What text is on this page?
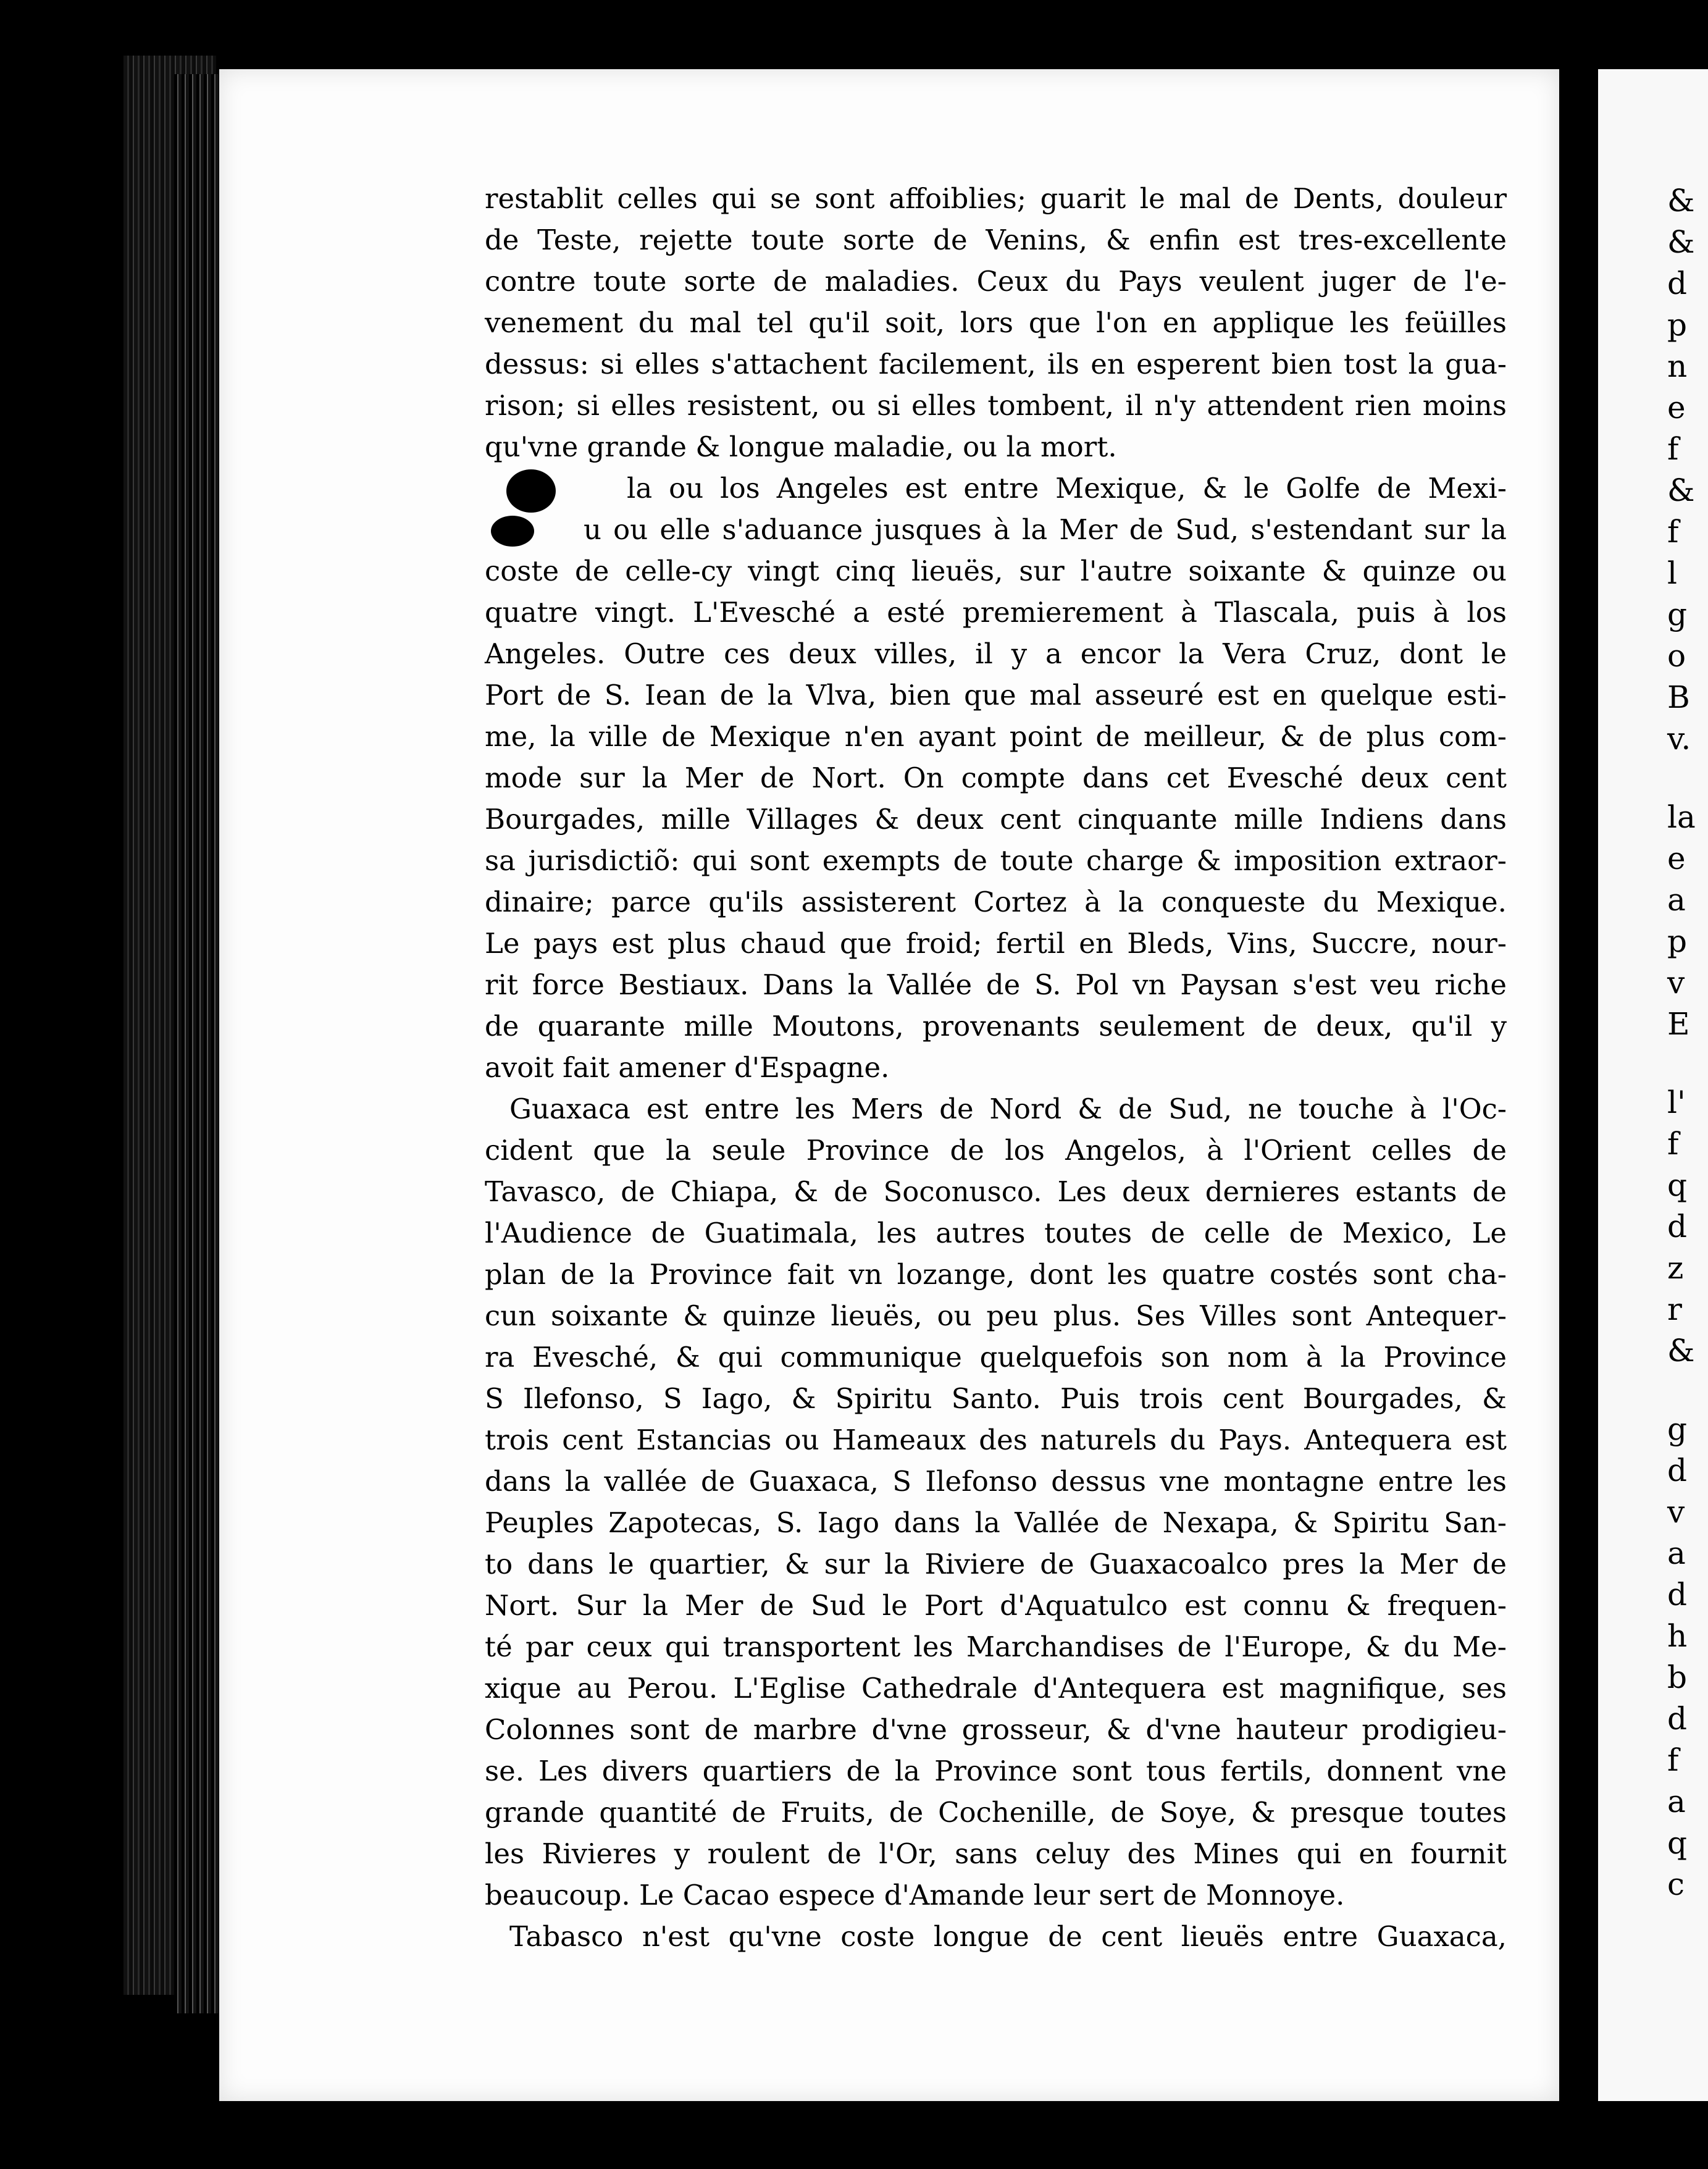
&
&
d
p
n
e
f
&
f
l
g
o
B
v.
la
e
a
p
v
E
l'
f
q
d
z
r
&
g
d
v
a
d
h
b
d
f
a
q
c
restablit celles qui se sont affoiblies; guarit le mal de Dents, douleur
de Teste, rejette toute sorte de Venins, & enfin est tres-excellente
contre toute sorte de maladies. Ceux du Pays veulent juger de l'e-
venement du mal tel qu'il soit, lors que l'on en applique les feüilles
dessus: si elles s'attachent facilement, ils en esperent bien tost la gua-
rison; si elles resistent, ou si elles tombent, il n'y attendent rien moins
qu'vne grande & longue maladie, ou la mort.
la ou los Angeles est entre Mexique, & le Golfe de Mexi-
u ou elle s'aduance jusques à la Mer de Sud, s'estendant sur la
coste de celle-cy vingt cinq lieuës, sur l'autre soixante & quinze ou
quatre vingt. L'Evesché a esté premierement à Tlascala, puis à los
Angeles. Outre ces deux villes, il y a encor la Vera Cruz, dont le
Port de S. Iean de la Vlva, bien que mal asseuré est en quelque esti-
me, la ville de Mexique n'en ayant point de meilleur, & de plus com-
mode sur la Mer de Nort. On compte dans cet Evesché deux cent
Bourgades, mille Villages & deux cent cinquante mille Indiens dans
sa jurisdictiõ: qui sont exempts de toute charge & imposition extraor-
dinaire; parce qu'ils assisterent Cortez à la conqueste du Mexique.
Le pays est plus chaud que froid; fertil en Bleds, Vins, Succre, nour-
rit force Bestiaux. Dans la Vallée de S. Pol vn Paysan s'est veu riche
de quarante mille Moutons, provenants seulement de deux, qu'il y
avoit fait amener d'Espagne.
Guaxaca est entre les Mers de Nord & de Sud, ne touche à l'Oc-
cident que la seule Province de los Angelos, à l'Orient celles de
Tavasco, de Chiapa, & de Soconusco. Les deux dernieres estants de
l'Audience de Guatimala, les autres toutes de celle de Mexico, Le
plan de la Province fait vn lozange, dont les quatre costés sont cha-
cun soixante & quinze lieuës, ou peu plus. Ses Villes sont Antequer-
ra Evesché, & qui communique quelquefois son nom à la Province
S Ilefonso, S Iago, & Spiritu Santo. Puis trois cent Bourgades, &
trois cent Estancias ou Hameaux des naturels du Pays. Antequera est
dans la vallée de Guaxaca, S Ilefonso dessus vne montagne entre les
Peuples Zapotecas, S. Iago dans la Vallée de Nexapa, & Spiritu San-
to dans le quartier, & sur la Riviere de Guaxacoalco pres la Mer de
Nort. Sur la Mer de Sud le Port d'Aquatulco est connu & frequen-
té par ceux qui transportent les Marchandises de l'Europe, & du Me-
xique au Perou. L'Eglise Cathedrale d'Antequera est magnifique, ses
Colonnes sont de marbre d'vne grosseur, & d'vne hauteur prodigieu-
se. Les divers quartiers de la Province sont tous fertils, donnent vne
grande quantité de Fruits, de Cochenille, de Soye, & presque toutes
les Rivieres y roulent de l'Or, sans celuy des Mines qui en fournit
beaucoup. Le Cacao espece d'Amande leur sert de Monnoye.
Tabasco n'est qu'vne coste longue de cent lieuës entre Guaxaca,
